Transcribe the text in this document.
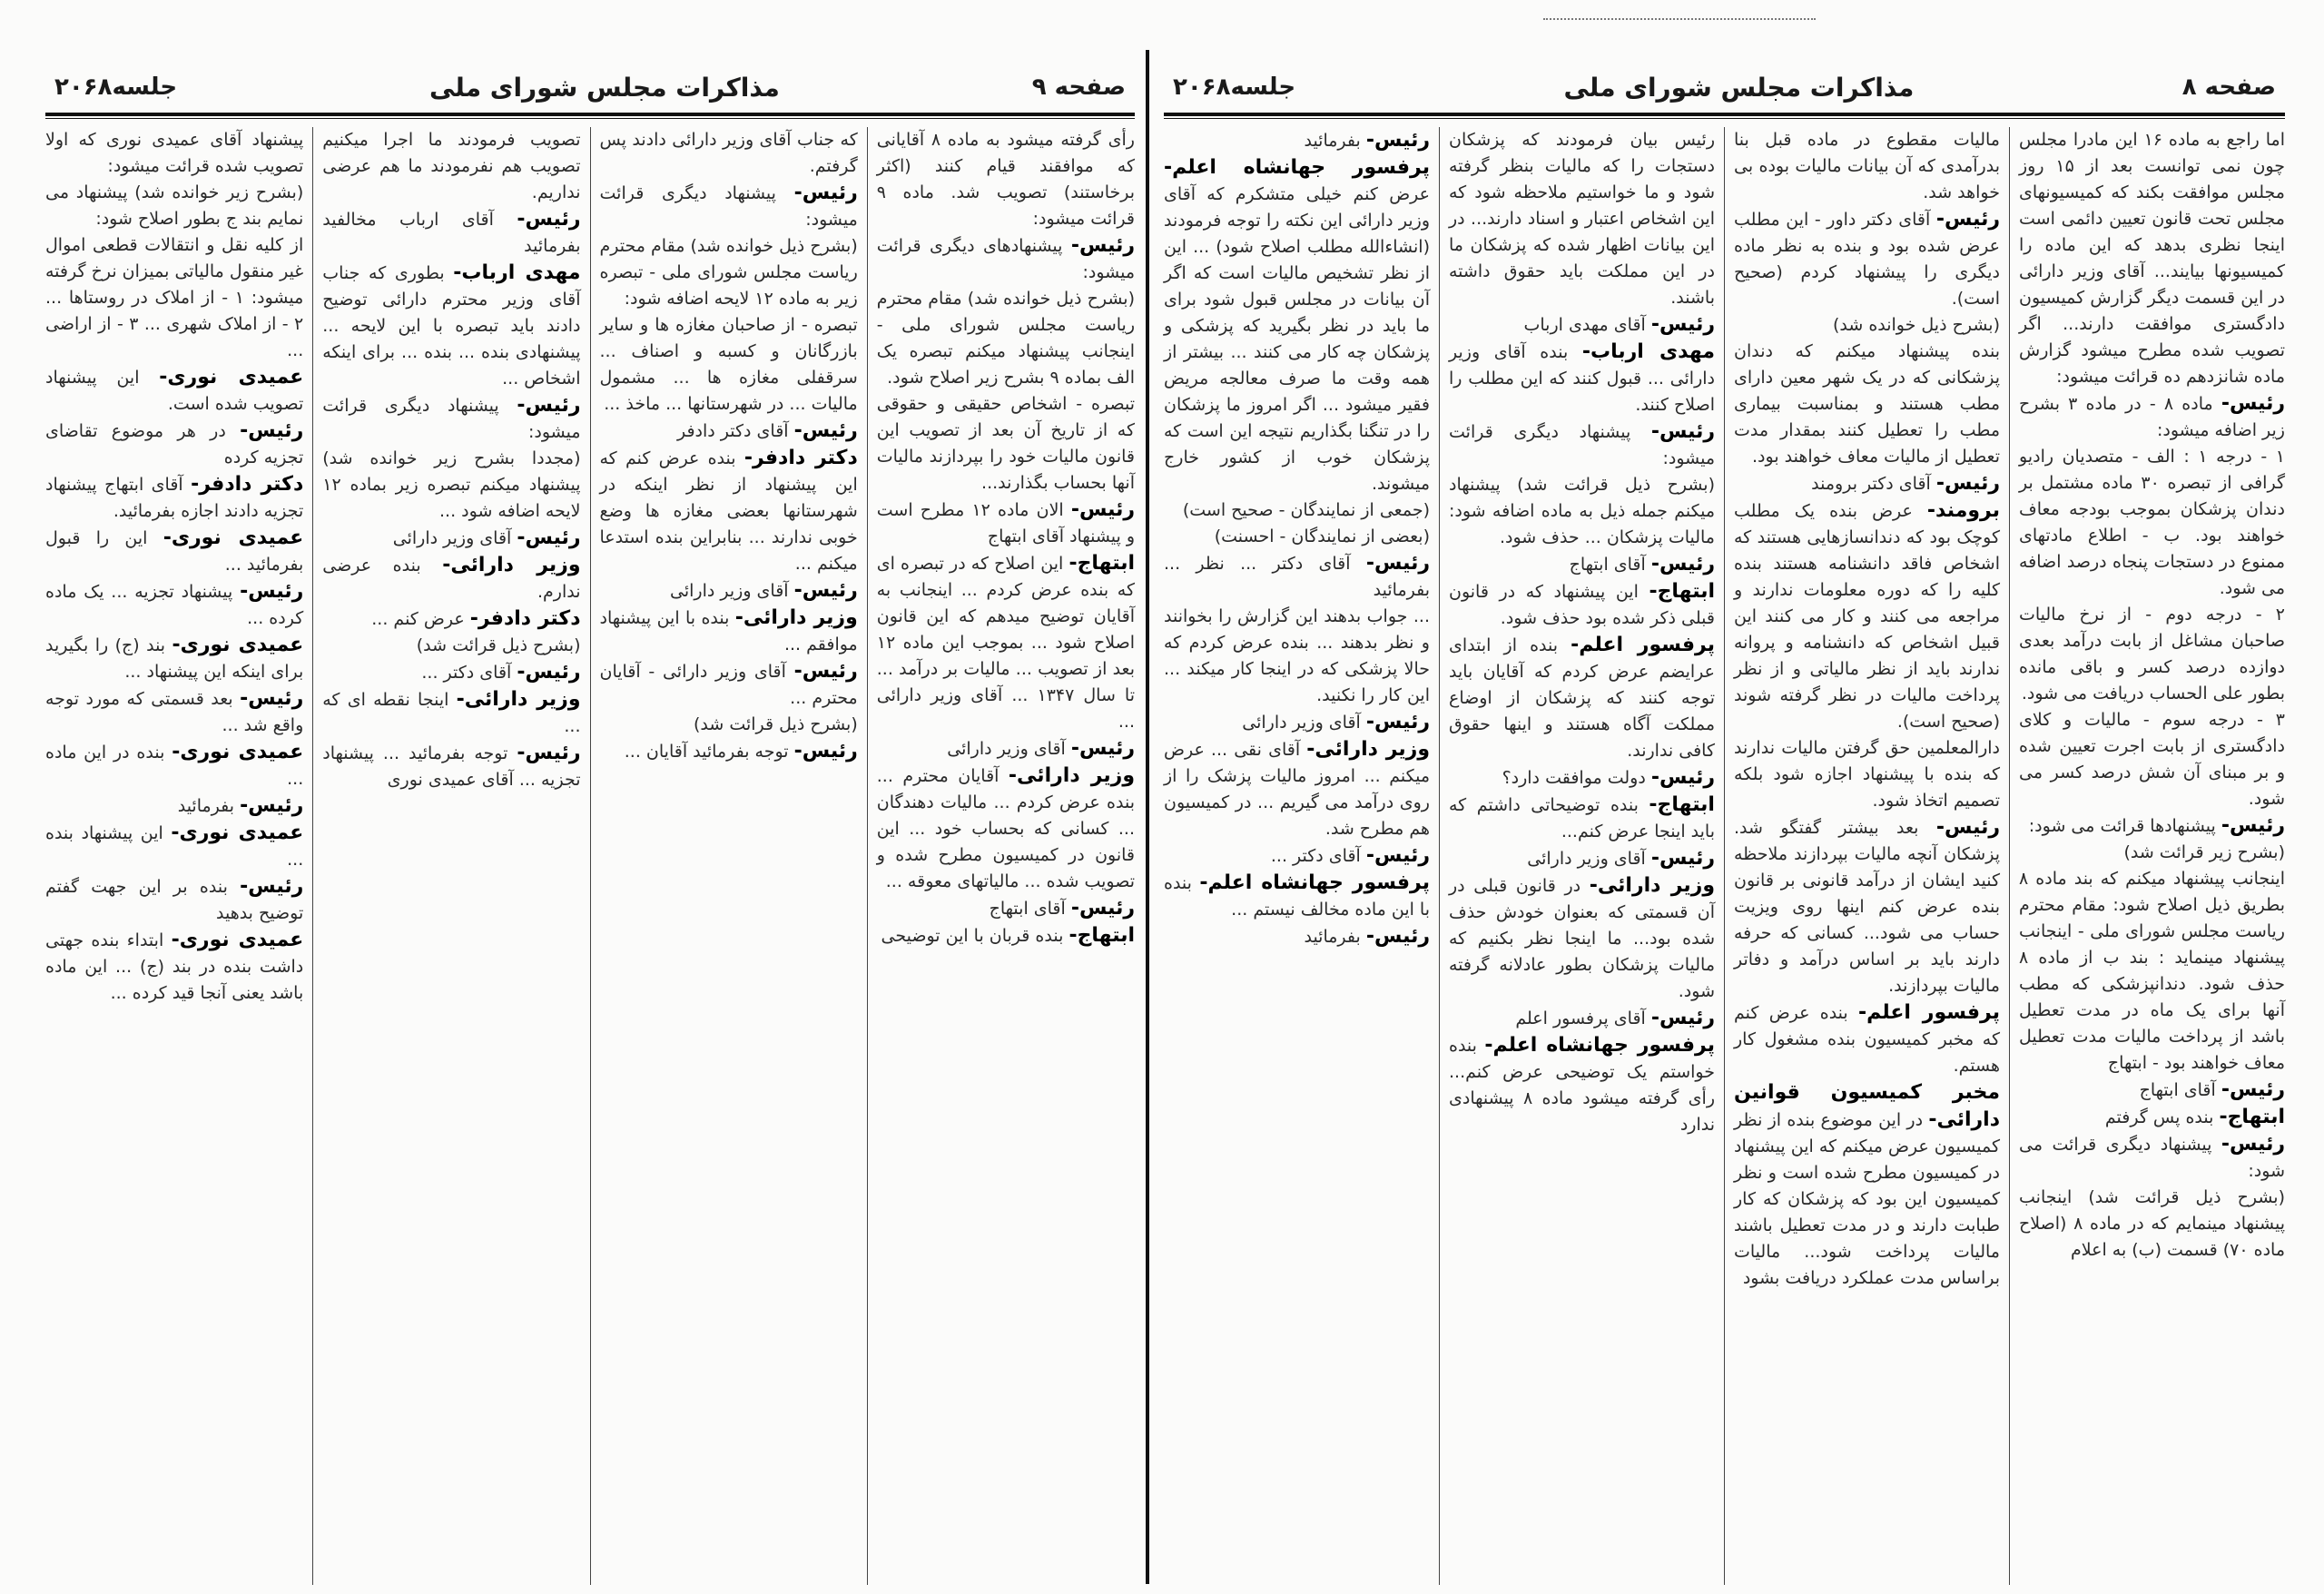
صفحه ۹
مذاکرات مجلس شورای ملی
جلسه۲۰۶۸

رأی گرفته میشود به ماده ۸ آقایانی که موافقند قیام کنند (اکثر برخاستند) تصویب شد. ماده ۹ قرائت میشود:

رئیس- پیشنهادهای دیگری قرائت میشود:

(بشرح ذیل خوانده شد) مقام محترم ریاست مجلس شورای ملی - اینجانب پیشنهاد میکنم تبصره یک الف بماده ۹ بشرح زیر اصلاح شود.

تبصره - اشخاص حقیقی و حقوقی که از تاریخ آن بعد از تصویب این قانون مالیات خود را بپردازند مالیات آنها بحساب بگذارند...

رئیس- الان ماده ۱۲ مطرح است و پیشنهاد آقای ابتهاج

ابتهاج- این اصلاح که در تبصره ای که بنده عرض کردم ... اینجانب به آقایان توضیح میدهم که این قانون اصلاح شود ... بموجب این ماده ۱۲ بعد از تصویب ... مالیات بر درآمد ... تا سال ۱۳۴۷ ... آقای وزیر دارائی ...

رئیس- آقای وزیر دارائی

وزیر دارائی- آقایان محترم ... بنده عرض کردم ... مالیات دهندگان ... کسانی که بحساب خود ... این قانون در کمیسیون مطرح شده و تصویب شده ... مالیاتهای معوقه ...

رئیس- آقای ابتهاج

ابتهاج- بنده قربان با این توضیحی

که جناب آقای وزیر دارائی دادند پس گرفتم.

رئیس- پیشنهاد دیگری قرائت میشود:

(بشرح ذیل خوانده شد) مقام محترم ریاست مجلس شورای ملی - تبصره زیر به ماده ۱۲ لایحه اضافه شود:

تبصره - از صاحبان مغازه ها و سایر بازرگانان و کسبه و اصناف ... سرقفلی مغازه ها ... مشمول مالیات ... در شهرستانها ... ماخذ ...

رئیس- آقای دکتر دادفر

دکتر دادفر- بنده عرض کنم که این پیشنهاد از نظر اینکه در شهرستانها بعضی مغازه ها وضع خوبی ندارند ... بنابراین بنده استدعا میکنم ...

رئیس- آقای وزیر دارائی

وزیر دارائی- بنده با این پیشنهاد موافقم ...

رئیس- آقای وزیر دارائی - آقایان محترم ...

(بشرح ذیل قرائت شد)

رئیس- توجه بفرمائید آقایان ...

تصویب فرمودند ما اجرا میکنیم تصویب هم نفرمودند ما هم عرضی نداریم.

رئیس- آقای ارباب مخالفید بفرمائید

مهدی ارباب- بطوری که جناب آقای وزیر محترم دارائی توضیح دادند باید تبصره با این لایحه ... پیشنهادی بنده ... بنده ... برای اینکه اشخاص ...

رئیس- پیشنهاد دیگری قرائت میشود:

(مجددا بشرح زیر خوانده شد) پیشنهاد میکنم تبصره زیر بماده ۱۲ لایحه اضافه شود ...

رئیس- آقای وزیر دارائی

وزیر دارائی- بنده عرضی ندارم.

دکتر دادفر- عرض کنم ...

(بشرح ذیل قرائت شد)

رئیس- آقای دکتر ...

وزیر دارائی- اینجا نقطه ای که ...

رئیس- توجه بفرمائید ... پیشنهاد تجزیه ... آقای عمیدی نوری

پیشنهاد آقای عمیدی نوری که اولا تصویب شده قرائت میشود:

(بشرح زیر خوانده شد) پیشنهاد می نمایم بند ج بطور اصلاح شود:

از کلیه نقل و انتقالات قطعی اموال غیر منقول مالیاتی بمیزان نرخ گرفته میشود: ۱ - از املاک در روستاها ... ۲ - از املاک شهری ... ۳ - از اراضی ...

عمیدی نوری- این پیشنهاد تصویب شده است.

رئیس- در هر موضوع تقاضای تجزیه کرده

دکتر دادفر- آقای ابتهاج پیشنهاد تجزیه دادند اجازه بفرمائید.

عمیدی نوری- این را قبول بفرمائید ...

رئیس- پیشنهاد تجزیه ... یک ماده کرده ...

عمیدی نوری- بند (ج) را بگیرید برای اینکه این پیشنهاد ...

رئیس- بعد قسمتی که مورد توجه واقع شد ...

عمیدی نوری- بنده در این ماده ...

رئیس- بفرمائید

عمیدی نوری- این پیشنهاد بنده ...

رئیس- بنده بر این جهت گفتم توضیح بدهید

عمیدی نوری- ابتداء بنده جهتی داشت بنده در بند (ج) ... این ماده باشد یعنی آنجا قید کرده ...

صفحه ۸
مذاکرات مجلس شورای ملی
جلسه۲۰۶۸

اما راجع به ماده ۱۶ این مادرا مجلس چون نمی توانست بعد از ۱۵ روز مجلس موافقت بکند که کمیسیونهای مجلس تحت قانون تعیین دائمی است اینجا نظری بدهد که این ماده را کمیسیونها بیایند... آقای وزیر دارائی در این قسمت دیگر گزارش کمیسیون دادگستری موافقت دارند... اگر تصویب شده مطرح میشود گزارش ماده شانزدهم ده قرائت میشود:

رئیس- ماده ۸ - در ماده ۳ بشرح زیر اضافه میشود:

۱ - درجه ۱ : الف - متصدیان رادیو گرافی از تبصره ۳۰ ماده مشتمل بر دندان پزشکان بموجب بودجه معاف خواهند بود. ب - اطلاع مادتهای ممنوع در دستجات پنجاه درصد اضافه می شود.

۲ - درجه دوم - از نرخ مالیات صاحبان مشاغل از بابت درآمد بعدی دوازده درصد کسر و باقی مانده بطور علی الحساب دریافت می شود.

۳ - درجه سوم - مالیات و کلای دادگستری از بابت اجرت تعیین شده و بر مبنای آن شش درصد کسر می شود.

رئیس- پیشنهادها قرائت می شود:

(بشرح زیر قرائت شد)

اینجانب پیشنهاد میکنم که بند ماده ۸ بطریق ذیل اصلاح شود: مقام محترم ریاست مجلس شورای ملی - اینجانب پیشنهاد مینماید : بند ب از ماده ۸ حذف شود. دندانپزشکی که مطب آنها برای یک ماه در مدت تعطیل باشد از پرداخت مالیات مدت تعطیل معاف خواهند بود - ابتهاج

رئیس- آقای ابتهاج

ابتهاج- بنده پس گرفتم

رئیس- پیشنهاد دیگری قرائت می شود:

(بشرح ذیل قرائت شد) اینجانب پیشنهاد مینمایم که در ماده ۸ (اصلاح ماده ۷۰) قسمت (ب) به اعلام

مالیات مقطوع در ماده قبل بنا بدرآمدی که آن بیانات مالیات بوده بی خواهد شد.

رئیس- آقای دکتر داور - این مطلب عرض شده بود و بنده به نظر ماده دیگری را پیشنهاد کردم (صحیح است).

(بشرح ذیل خوانده شد)

بنده پیشنهاد میکنم که دندان پزشکانی که در یک شهر معین دارای مطب هستند و بمناسبت بیماری مطب را تعطیل کنند بمقدار مدت تعطیل از مالیات معاف خواهند بود.

رئیس- آقای دکتر برومند

برومند- عرض بنده یک مطلب کوچک بود که دندانسازهایی هستند که اشخاص فاقد دانشنامه هستند بنده کلیه را که دوره معلومات ندارند و مراجعه می کنند و کار می کنند این قبیل اشخاص که دانشنامه و پروانه ندارند باید از نظر مالیاتی و از نظر پرداخت مالیات در نظر گرفته شوند (صحیح است).

دارالمعلمین حق گرفتن مالیات ندارند که بنده با پیشنهاد اجازه شود بلکه تصمیم اتخاذ شود.

رئیس- بعد بیشتر گفتگو شد. پزشکان آنچه مالیات بپردازند ملاحظه کنید ایشان از درآمد قانونی بر قانون بنده عرض کنم اینها روی ویزیت حساب می شود... کسانی که حرفه دارند باید بر اساس درآمد و دفاتر مالیات بپردازند.

پرفسور اعلم- بنده عرض کنم که مخبر کمیسیون بنده مشغول کار هستم.

مخبر کمیسیون قوانین دارائی- در این موضوع بنده از نظر کمیسیون عرض میکنم که این پیشنهاد در کمیسیون مطرح شده است و نظر کمیسیون این بود که پزشکان که کار طبابت دارند و در مدت تعطیل باشند مالیات پرداخت شود... مالیات براساس مدت عملکرد دریافت بشود

رئیس بیان فرمودند که پزشکان دستجات را که مالیات بنظر گرفته شود و ما خواستیم ملاحظه شود که این اشخاص اعتبار و اسناد دارند... در این بیانات اظهار شده که پزشکان ما در این مملکت باید حقوق داشته باشند.

رئیس- آقای مهدی ارباب

مهدی ارباب- بنده آقای وزیر دارائی ... قبول کنند که این مطلب را اصلاح کنند.

رئیس- پیشنهاد دیگری قرائت میشود:

(بشرح ذیل قرائت شد) پیشنهاد میکنم جمله ذیل به ماده اضافه شود: مالیات پزشکان ... حذف شود.

رئیس- آقای ابتهاج

ابتهاج- این پیشنهاد که در قانون قبلی ذکر شده بود حذف شود.

پرفسور اعلم- بنده از ابتدای عرایضم عرض کردم که آقایان باید توجه کنند که پزشکان از اوضاع مملکت آگاه هستند و اینها حقوق کافی ندارند.

رئیس- دولت موافقت دارد؟

ابتهاج- بنده توضیحاتی داشتم که باید اینجا عرض کنم...

رئیس- آقای وزیر دارائی

وزیر دارائی- در قانون قبلی در آن قسمتی که بعنوان خودش حذف شده بود... ما اینجا نظر بکنیم که مالیات پزشکان بطور عادلانه گرفته شود.

رئیس- آقای پرفسور اعلم

پرفسور جهانشاه اعلم- بنده خواستم یک توضیحی عرض کنم... رأی گرفته میشود ماده ۸ پیشنهادی ندارد

رئیس- بفرمائید

پرفسور جهانشاه اعلم- عرض کنم خیلی متشکرم که آقای وزیر دارائی این نکته را توجه فرمودند (انشاءالله مطلب اصلاح شود) ... این از نظر تشخیص مالیات است که اگر آن بیانات در مجلس قبول شود برای ما باید در نظر بگیرید که پزشکی و پزشکان چه کار می کنند ... بیشتر از همه وقت ما صرف معالجه مریض فقیر میشود ... اگر امروز ما پزشکان را در تنگنا بگذاریم نتیجه این است که پزشکان خوب از کشور خارج میشوند.

(جمعی از نمایندگان - صحیح است)

(بعضی از نمایندگان - احسنت)

رئیس- آقای دکتر ... نظر ... بفرمائید

... جواب بدهند این گزارش را بخوانند و نظر بدهند ... بنده عرض کردم که حالا پزشکی که در اینجا کار میکند ... این کار را نکنید.

رئیس- آقای وزیر دارائی

وزیر دارائی- آقای نقی ... عرض میکنم ... امروز مالیات پزشک را از روی درآمد می گیریم ... در کمیسیون هم مطرح شد.

رئیس- آقای دکتر ...

پرفسور جهانشاه اعلم- بنده با این ماده مخالف نیستم ...

رئیس- بفرمائید
